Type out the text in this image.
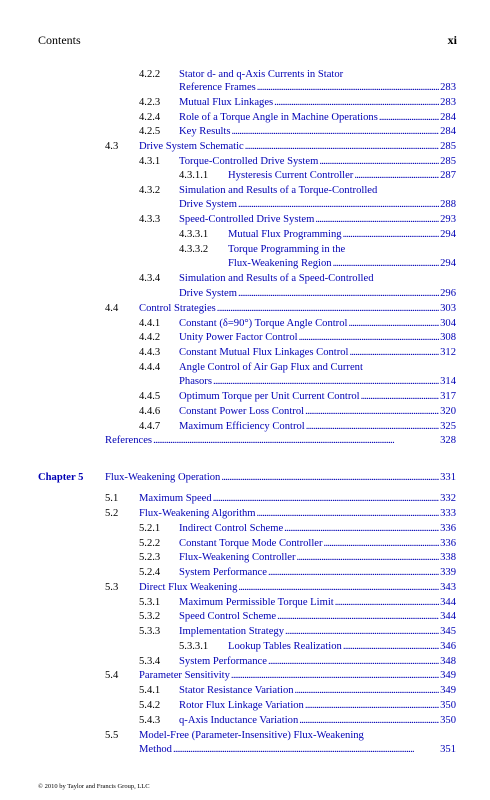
Contents	xi
4.2.2 Stator d- and q-Axis Currents in Stator
Reference Frames . . .	283
4.2.3 Mutual Flux Linkages . . .	283
4.2.4 Role of a Torque Angle in Machine Operations . . .	284
4.2.5 Key Results . . .	284
4.3 Drive System Schematic . . .	285
4.3.1 Torque-Controlled Drive System . . .	285
4.3.1.1 Hysteresis Current Controller . . .	287
4.3.2 Simulation and Results of a Torque-Controlled
Drive System . . .	288
4.3.3 Speed-Controlled Drive System . . .	293
4.3.3.1 Mutual Flux Programming . . .	294
4.3.3.2 Torque Programming in the
Flux-Weakening Region . . .	294
4.3.4 Simulation and Results of a Speed-Controlled
Drive System . . .	296
4.4 Control Strategies . . .	303
4.4.1 Constant (δ=90°) Torque Angle Control . . .	304
4.4.2 Unity Power Factor Control . . .	308
4.4.3 Constant Mutual Flux Linkages Control . . .	312
4.4.4 Angle Control of Air Gap Flux and Current
Phasors . . .	314
4.4.5 Optimum Torque per Unit Current Control . . .	317
4.4.6 Constant Power Loss Control . . .	320
4.4.7 Maximum Efficiency Control . . .	325
References . . .	328
Chapter 5 Flux-Weakening Operation . . .	331
5.1 Maximum Speed . . .	332
5.2 Flux-Weakening Algorithm . . .	333
5.2.1 Indirect Control Scheme . . .	336
5.2.2 Constant Torque Mode Controller . . .	336
5.2.3 Flux-Weakening Controller . . .	338
5.2.4 System Performance . . .	339
5.3 Direct Flux Weakening . . .	343
5.3.1 Maximum Permissible Torque Limit . . .	344
5.3.2 Speed Control Scheme . . .	344
5.3.3 Implementation Strategy . . .	345
5.3.3.1 Lookup Tables Realization . . .	346
5.3.4 System Performance . . .	348
5.4 Parameter Sensitivity . . .	349
5.4.1 Stator Resistance Variation . . .	349
5.4.2 Rotor Flux Linkage Variation . . .	350
5.4.3 q-Axis Inductance Variation . . .	350
5.5 Model-Free (Parameter-Insensitive) Flux-Weakening
Method . . .	351
© 2010 by Taylor and Francis Group, LLC
